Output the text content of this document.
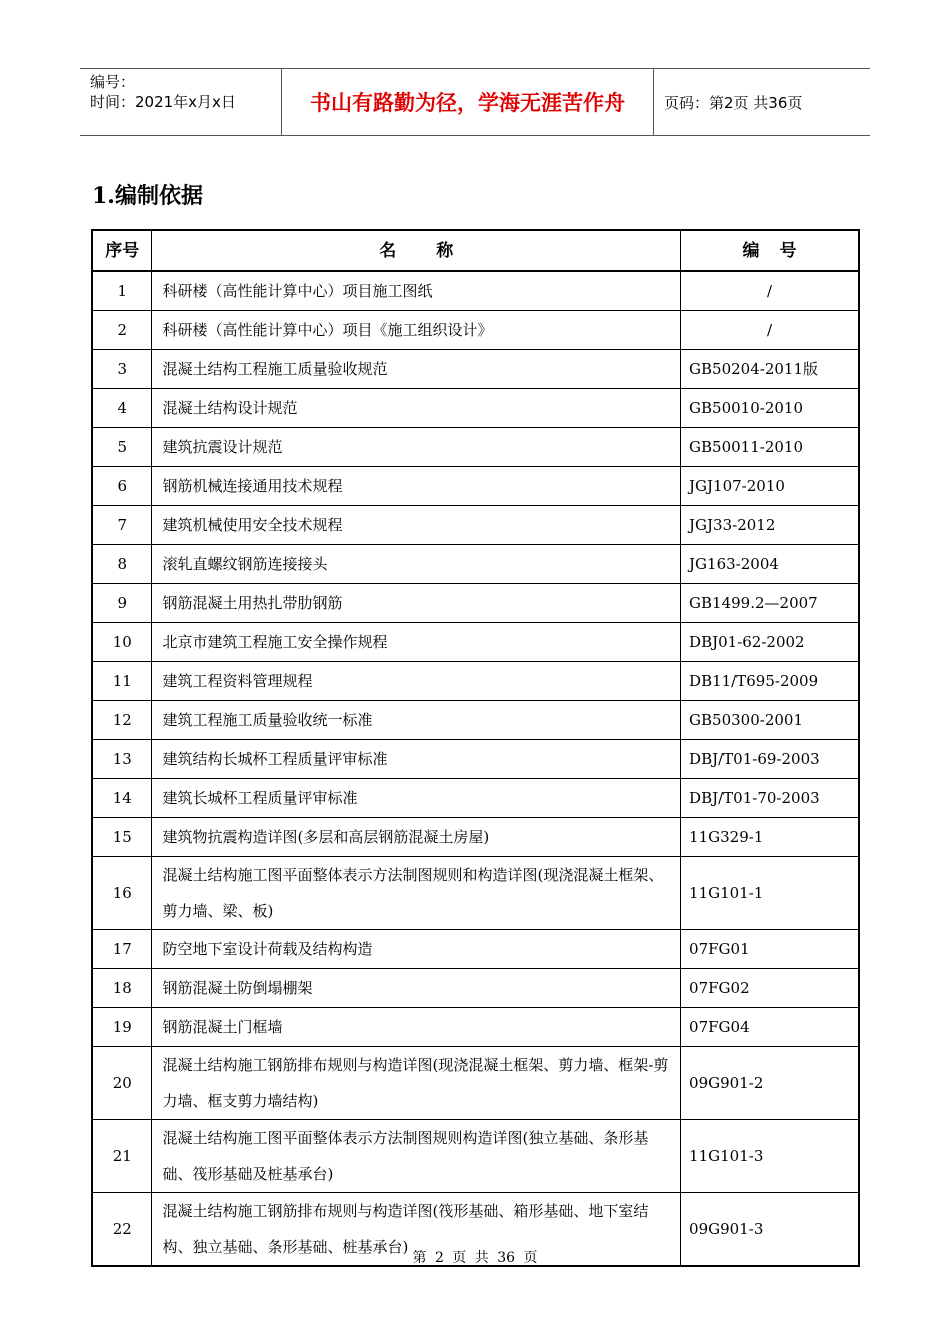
编号：
时间：2021年x月x日	书山有路勤为径，学海无涯苦作舟	页码：第2页 共36页
1.编制依据
序号	名称	编号
1	科研楼（高性能计算中心）项目施工图纸	/
2	科研楼（高性能计算中心）项目《施工组织设计》	/
3	混凝土结构工程施工质量验收规范	GB50204-2011版
4	混凝土结构设计规范	GB50010-2010
5	建筑抗震设计规范	GB50011-2010
6	钢筋机械连接通用技术规程	JGJ107-2010
7	建筑机械使用安全技术规程	JGJ33-2012
8	滚轧直螺纹钢筋连接接头	JG163-2004
9	钢筋混凝土用热扎带肋钢筋	GB1499.2—2007
10	北京市建筑工程施工安全操作规程	DBJ01-62-2002
11	建筑工程资料管理规程	DB11/T695-2009
12	建筑工程施工质量验收统一标准	GB50300-2001
13	建筑结构长城杯工程质量评审标准	DBJ/T01-69-2003
14	建筑长城杯工程质量评审标准	DBJ/T01-70-2003
15	建筑物抗震构造详图(多层和高层钢筋混凝土房屋)	11G329-1
16	混凝土结构施工图平面整体表示方法制图规则和构造详图(现浇混凝土框架、剪力墙、梁、板)	11G101-1
17	防空地下室设计荷载及结构构造	07FG01
18	钢筋混凝土防倒塌棚架	07FG02
19	钢筋混凝土门框墙	07FG04
20	混凝土结构施工钢筋排布规则与构造详图(现浇混凝土框架、剪力墙、框架-剪力墙、框支剪力墙结构)	09G901-2
21	混凝土结构施工图平面整体表示方法制图规则构造详图(独立基础、条形基础、筏形基础及桩基承台)	11G101-3
22	混凝土结构施工钢筋排布规则与构造详图(筏形基础、箱形基础、地下室结构、独立基础、条形基础、桩基承台)	09G901-3
第 2 页 共 36 页
